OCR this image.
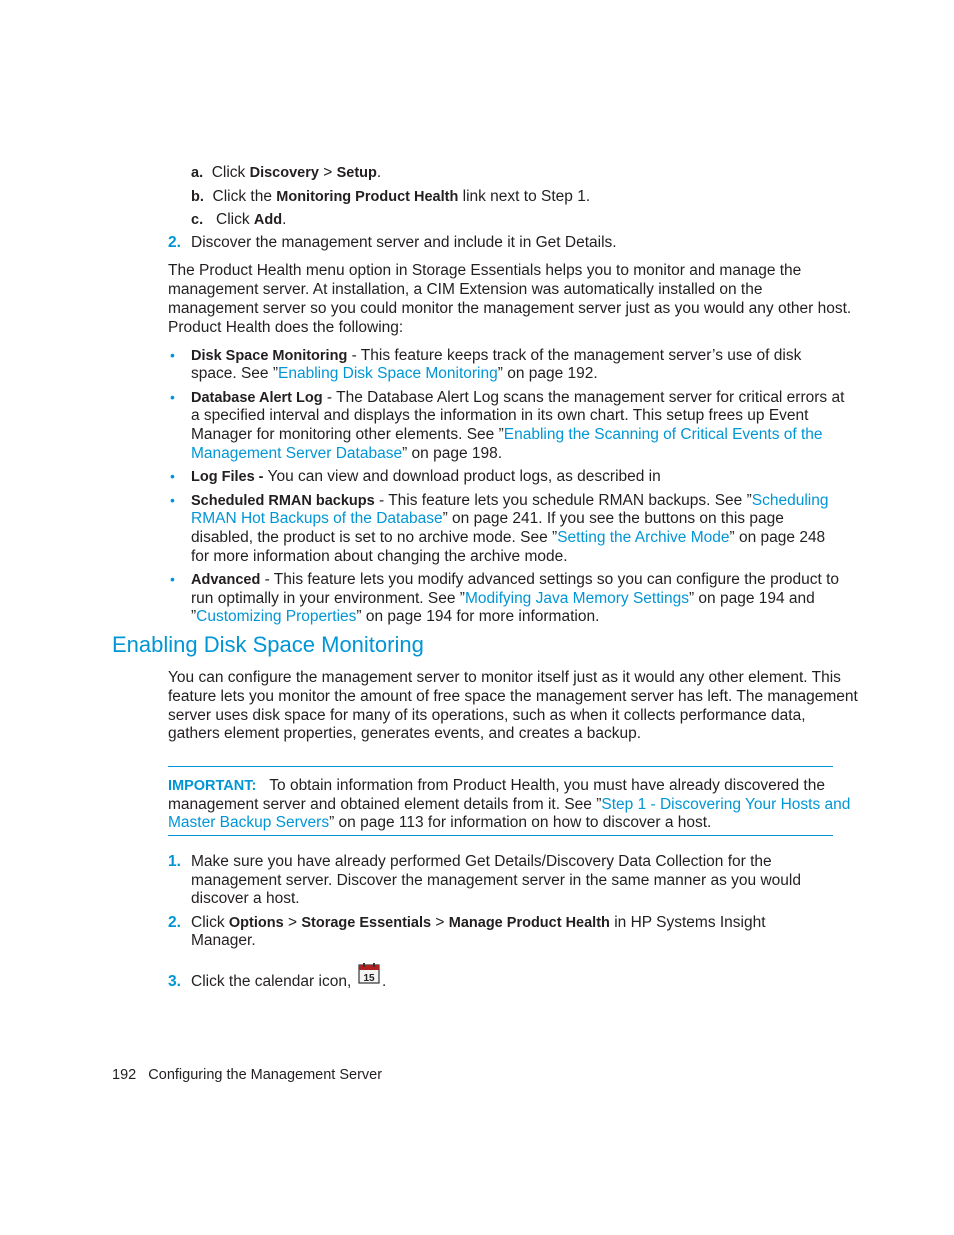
a. Click Discovery > Setup.
b. Click the Monitoring Product Health link next to Step 1.
c. Click Add.
2. Discover the management server and include it in Get Details.
The Product Health menu option in Storage Essentials helps you to monitor and manage the
management server. At installation, a CIM Extension was automatically installed on the
management server so you could monitor the management server just as you would any other host.
Product Health does the following:
• Disk Space Monitoring - This feature keeps track of the management server’s use of disk
space. See ”Enabling Disk Space Monitoring” on page 192.
• Database Alert Log - The Database Alert Log scans the management server for critical errors at
a specified interval and displays the information in its own chart. This setup frees up Event
Manager for monitoring other elements. See ”Enabling the Scanning of Critical Events of the
Management Server Database” on page 198.
• Log Files - You can view and download product logs, as described in
• Scheduled RMAN backups - This feature lets you schedule RMAN backups. See ”Scheduling
RMAN Hot Backups of the Database” on page 241. If you see the buttons on this page
disabled, the product is set to no archive mode. See ”Setting the Archive Mode” on page 248
for more information about changing the archive mode.
• Advanced - This feature lets you modify advanced settings so you can configure the product to
run optimally in your environment. See ”Modifying Java Memory Settings” on page 194 and
”Customizing Properties” on page 194 for more information.
Enabling Disk Space Monitoring
You can configure the management server to monitor itself just as it would any other element. This
feature lets you monitor the amount of free space the management server has left. The management
server uses disk space for many of its operations, such as when it collects performance data,
gathers element properties, generates events, and creates a backup.
IMPORTANT: To obtain information from Product Health, you must have already discovered the
management server and obtained element details from it. See ”Step 1 - Discovering Your Hosts and
Master Backup Servers” on page 113 for information on how to discover a host.
1. Make sure you have already performed Get Details/Discovery Data Collection for the
management server. Discover the management server in the same manner as you would
discover a host.
2. Click Options > Storage Essentials > Manage Product Health in HP Systems Insight
Manager.
3. Click the calendar icon, 15 .
192 Configuring the Management Server
